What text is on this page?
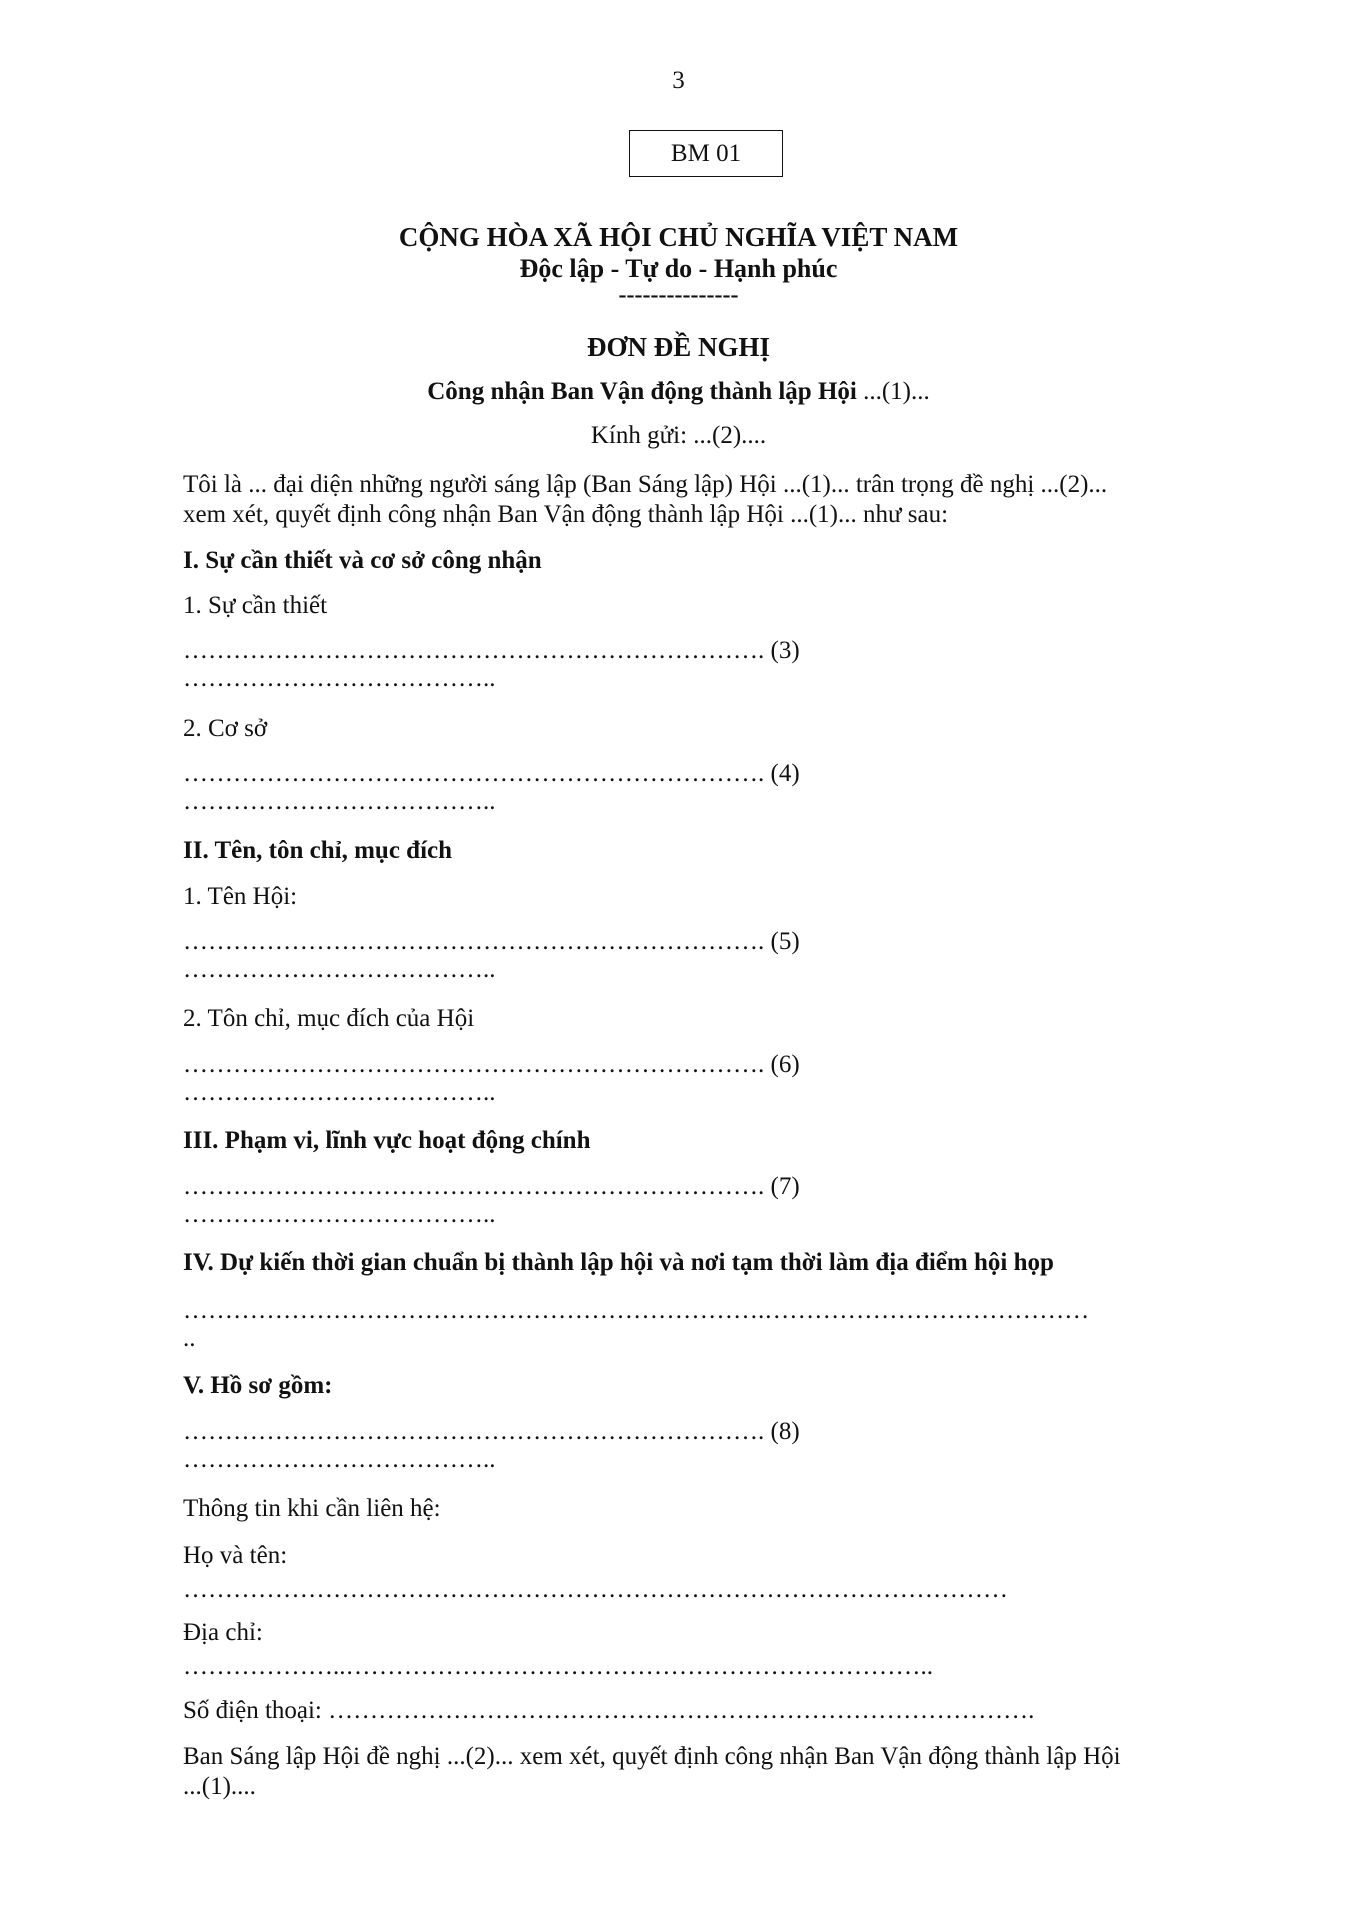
3
BM 01
CỘNG HÒA XÃ HỘI CHỦ NGHĨA VIỆT NAM
Độc lập - Tự do - Hạnh phúc
---------------
ĐƠN ĐỀ NGHỊ
Công nhận Ban Vận động thành lập Hội ...(1)...
Kính gửi: ...(2)....
Tôi là ... đại diện những người sáng lập (Ban Sáng lập) Hội ...(1)... trân trọng đề nghị ...(2)...
xem xét, quyết định công nhận Ban Vận động thành lập Hội ...(1)... như sau:
I. Sự cần thiết và cơ sở công nhận
1. Sự cần thiết
……………………………………………………………. (3)
………………………………..
2. Cơ sở
……………………………………………………………. (4)
………………………………..
II. Tên, tôn chỉ, mục đích
1. Tên Hội:
……………………………………………………………. (5)
………………………………..
2. Tôn chỉ, mục đích của Hội
……………………………………………………………. (6)
………………………………..
III. Phạm vi, lĩnh vực hoạt động chính
……………………………………………………………. (7)
………………………………..
IV. Dự kiến thời gian chuẩn bị thành lập hội và nơi tạm thời làm địa điểm hội họp
…………………………………………………………….…………………………………
..
V. Hồ sơ gồm:
……………………………………………………………. (8)
………………………………..
Thông tin khi cần liên hệ:
Họ và tên:
………………………………………………………………………………………
Địa chỉ:
………………..……………………………………………………………..
Số điện thoại: ………………………………………………………………………….
Ban Sáng lập Hội đề nghị ...(2)... xem xét, quyết định công nhận Ban Vận động thành lập Hội
...(1)....
